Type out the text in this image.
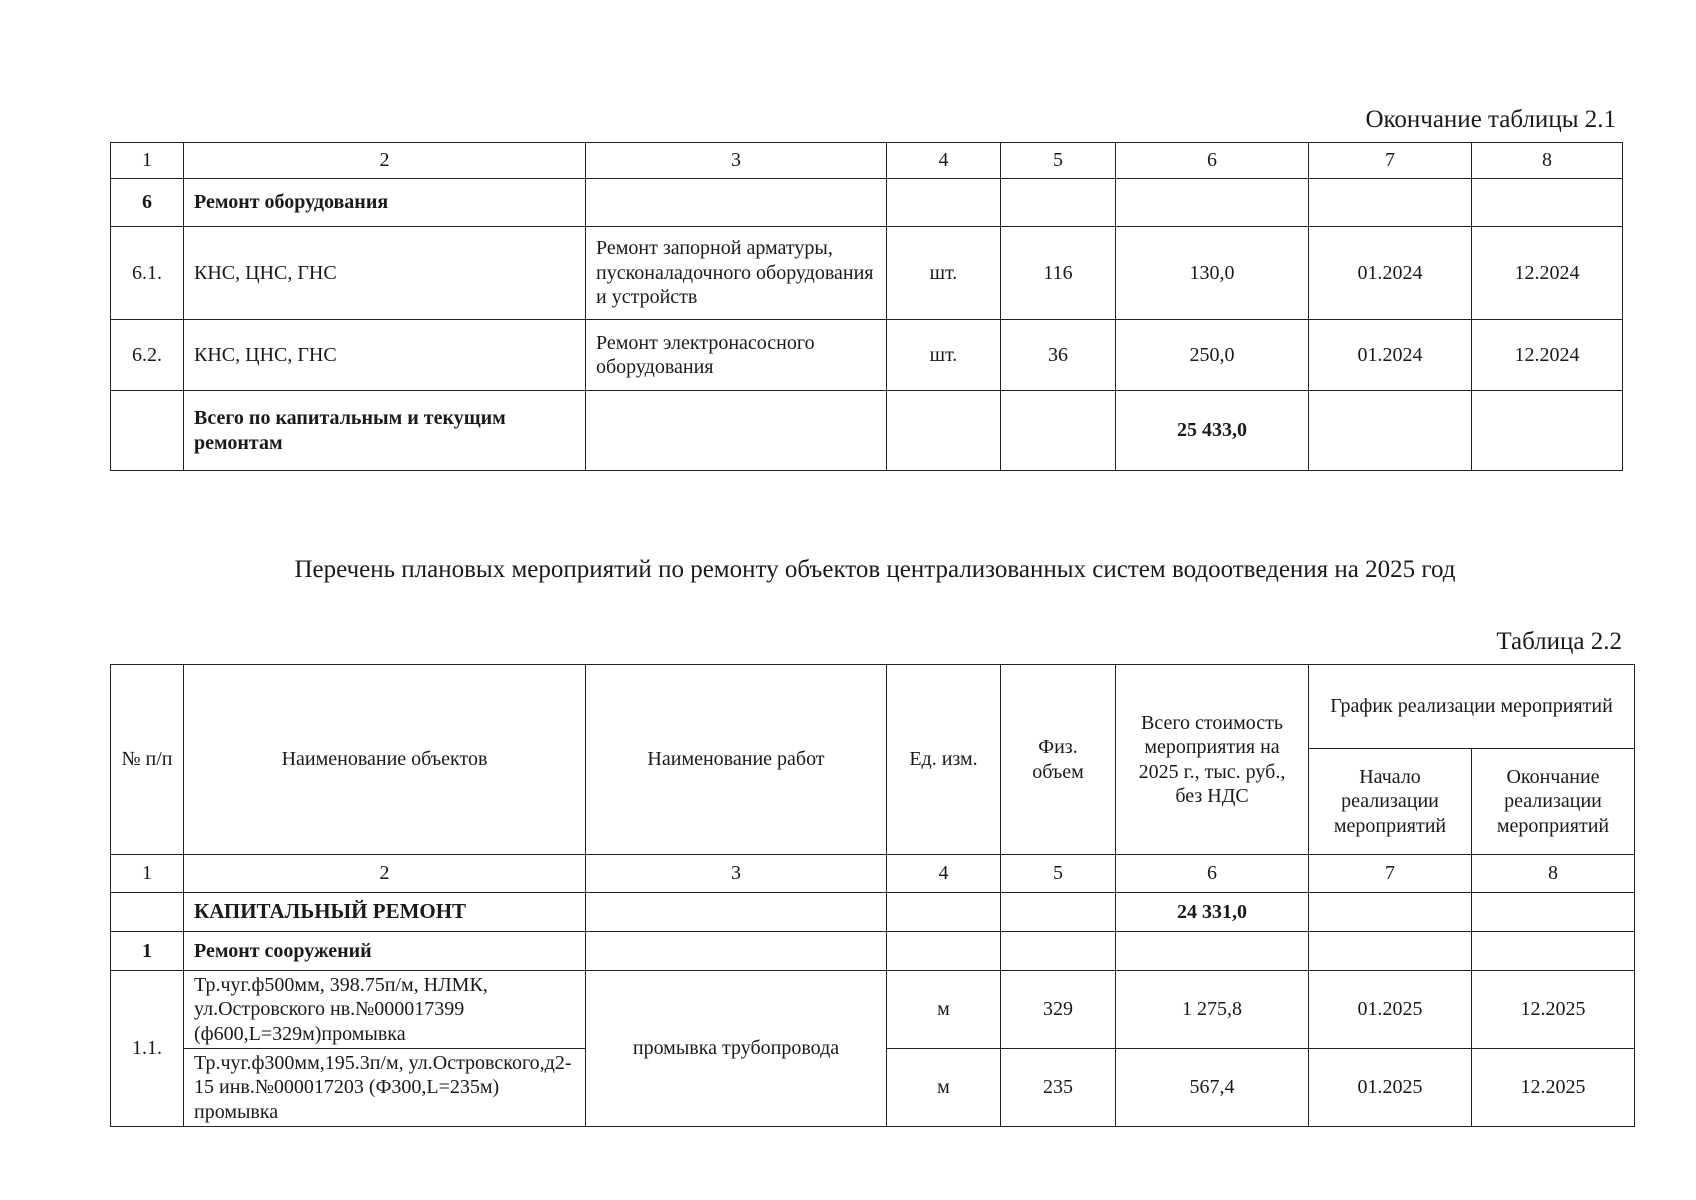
Окончание таблицы 2.1
1	2	3	4	5	6	7	8
6	Ремонт оборудования						
6.1.	КНС, ЦНС, ГНС	Ремонт запорной арматуры, пусконаладочного оборудования и устройств	шт.	116	130,0	01.2024	12.2024
6.2.	КНС, ЦНС, ГНС	Ремонт электронасосного оборудования	шт.	36	250,0	01.2024	12.2024
	Всего по капитальным и текущим ремонтам				25 433,0		
Перечень плановых мероприятий по ремонту объектов централизованных систем водоотведения на 2025 год
Таблица 2.2
№ п/п	Наименование объектов	Наименование работ	Ед. изм.	Физ. объем	Всего стоимость мероприятия на 2025 г., тыс. руб., без НДС	График реализации мероприятий	
						Начало реализации мероприятий	Окончание реализации мероприятий
1	2	3	4	5	6	7	8
	КАПИТАЛЬНЫЙ РЕМОНТ				24 331,0		
1	Ремонт сооружений						
1.1.	Тр.чуг.ф500мм, 398.75п/м, НЛМК, ул.Островского нв.№000017399 (ф600,L=329м)промывка	промывка трубопровода	м	329	1 275,8	01.2025	12.2025
	Тр.чуг.ф300мм,195.3п/м, ул.Островского,д2-15 инв.№000017203 (Ф300,L=235м) промывка		м	235	567,4	01.2025	12.2025
